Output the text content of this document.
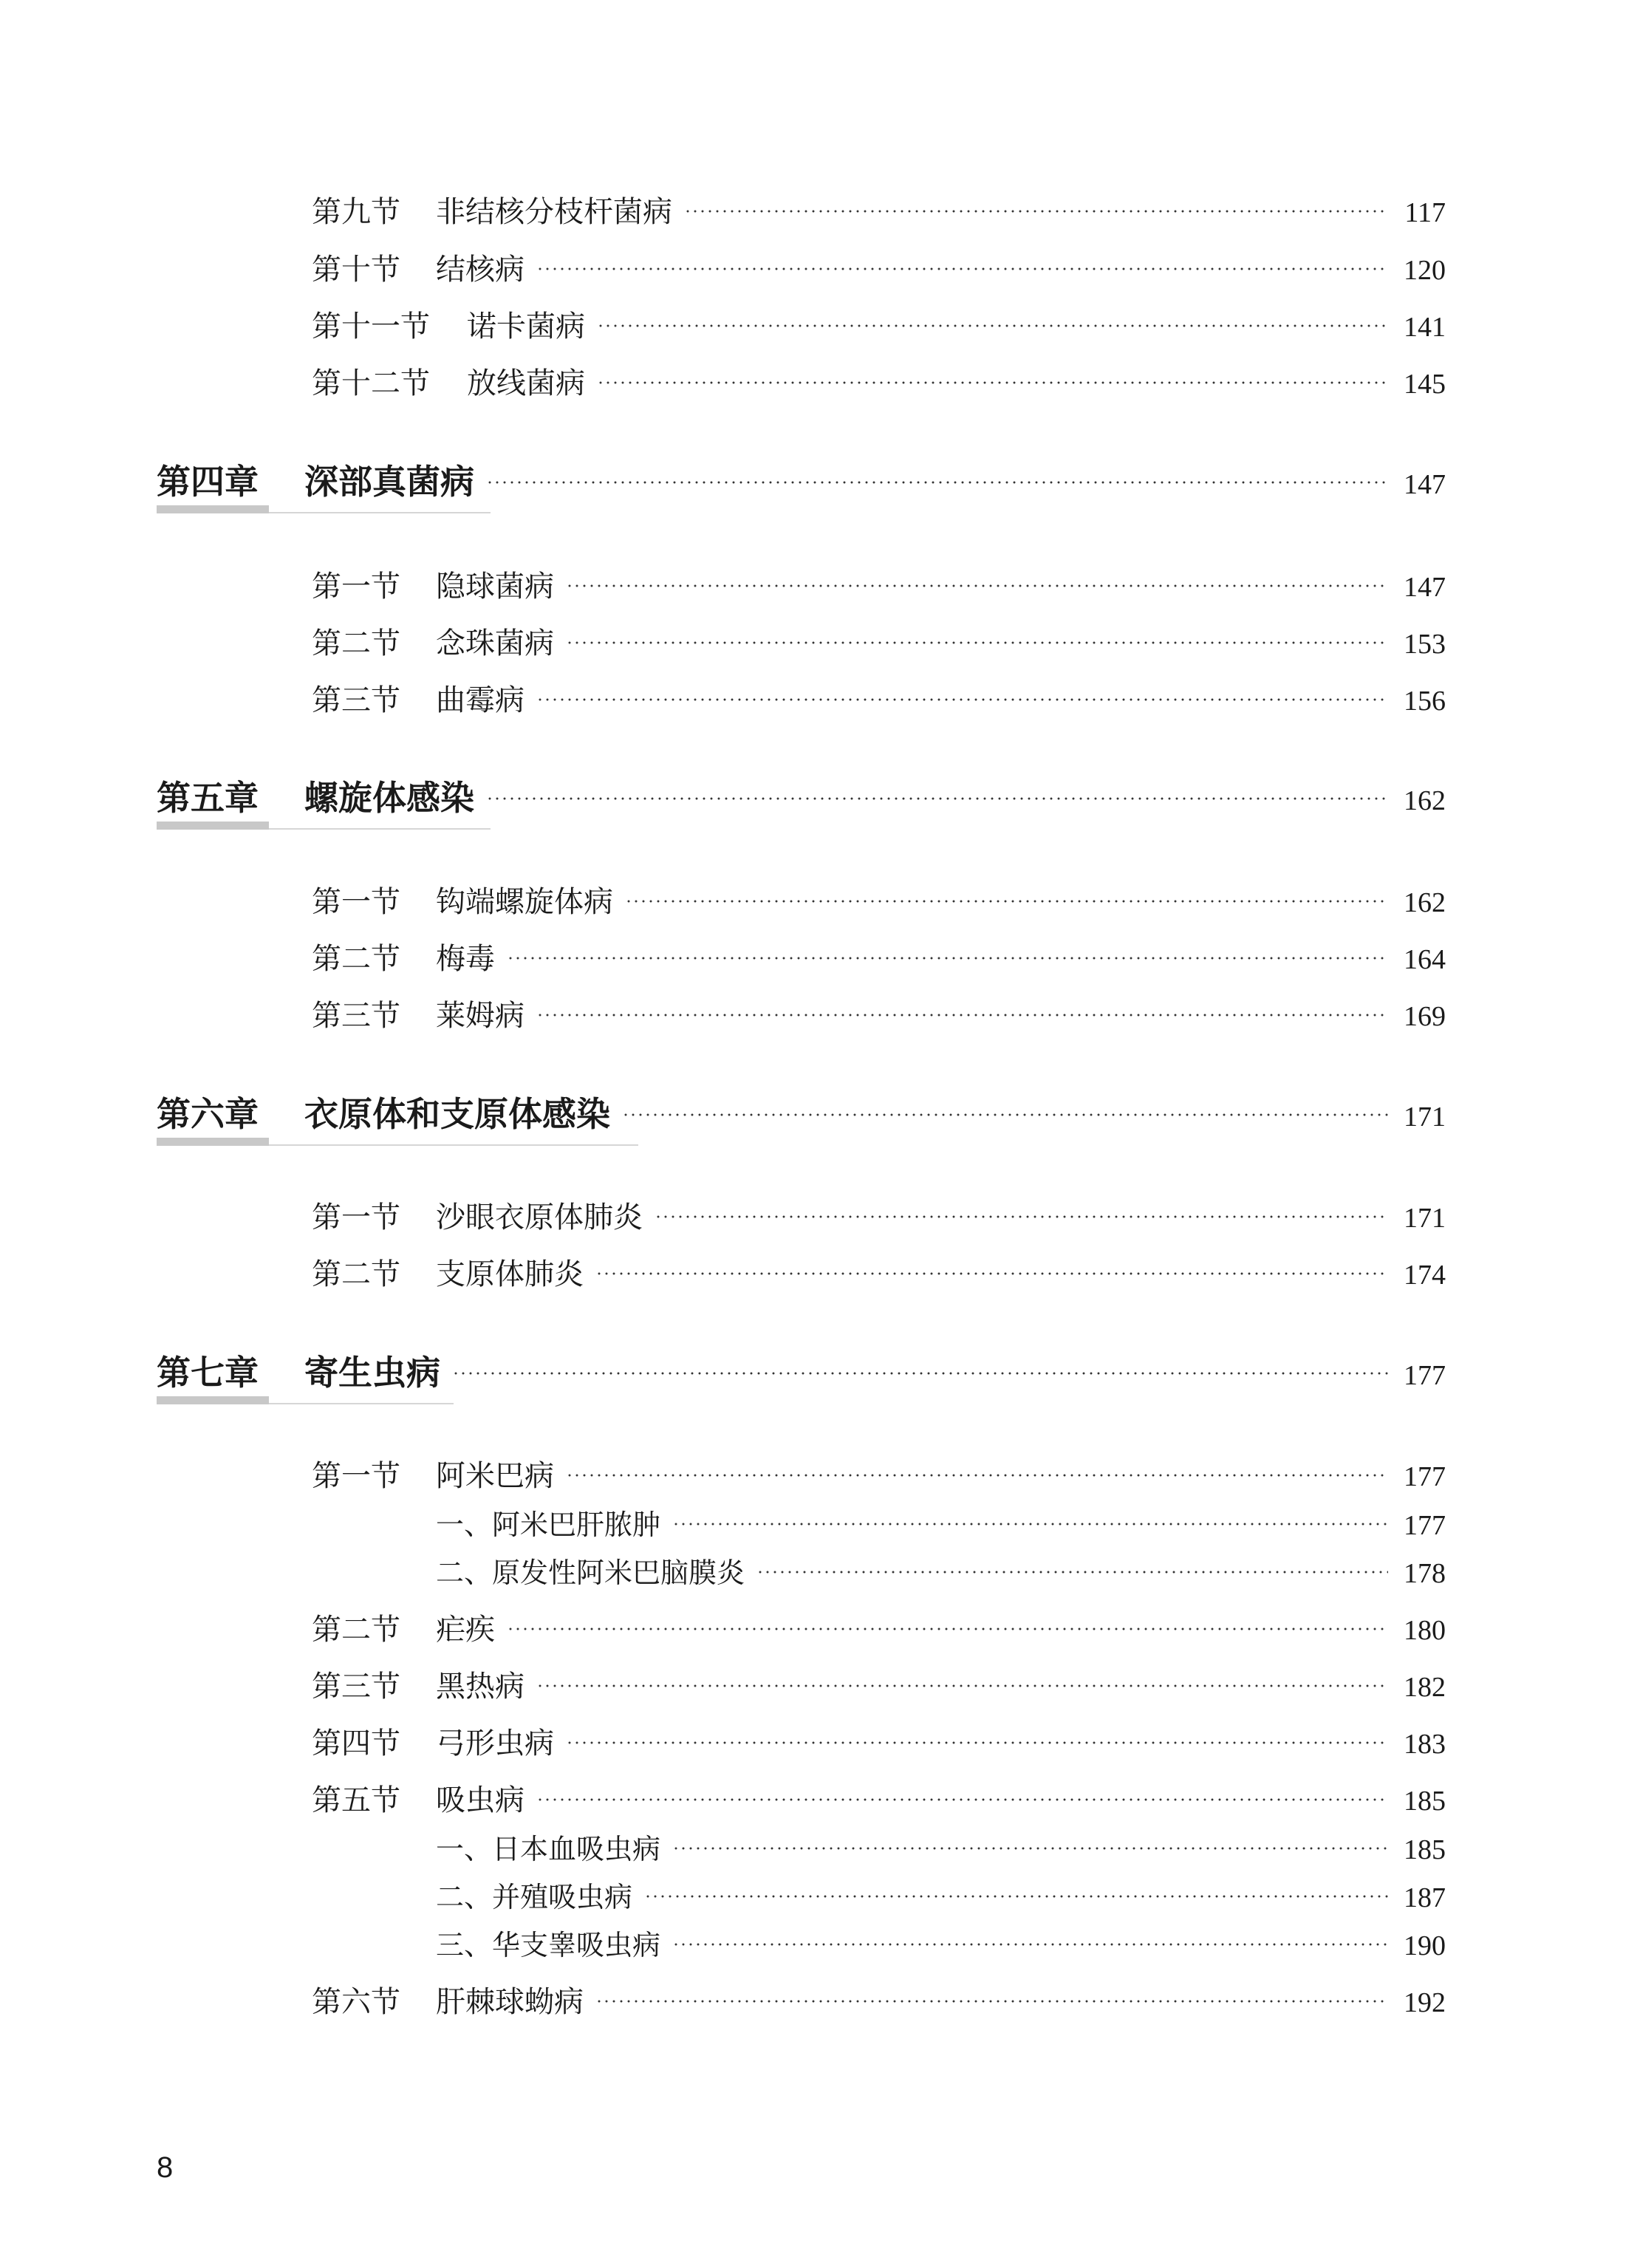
第九节	非结核分枝杆菌病	117
第十节	结核病	120
第十一节	诺卡菌病	141
第十二节	放线菌病	145
第四章	深部真菌病	147
第一节	隐球菌病	147
第二节	念珠菌病	153
第三节	曲霉病	156
第五章	螺旋体感染	162
第一节	钩端螺旋体病	162
第二节	梅毒	164
第三节	莱姆病	169
第六章	衣原体和支原体感染	171
第一节	沙眼衣原体肺炎	171
第二节	支原体肺炎	174
第七章	寄生虫病	177
第一节	阿米巴病	177
一、阿米巴肝脓肿	177
二、原发性阿米巴脑膜炎	178
第二节	疟疾	180
第三节	黑热病	182
第四节	弓形虫病	183
第五节	吸虫病	185
一、日本血吸虫病	185
二、并殖吸虫病	187
三、华支睾吸虫病	190
第六节	肝棘球蚴病	192
8
